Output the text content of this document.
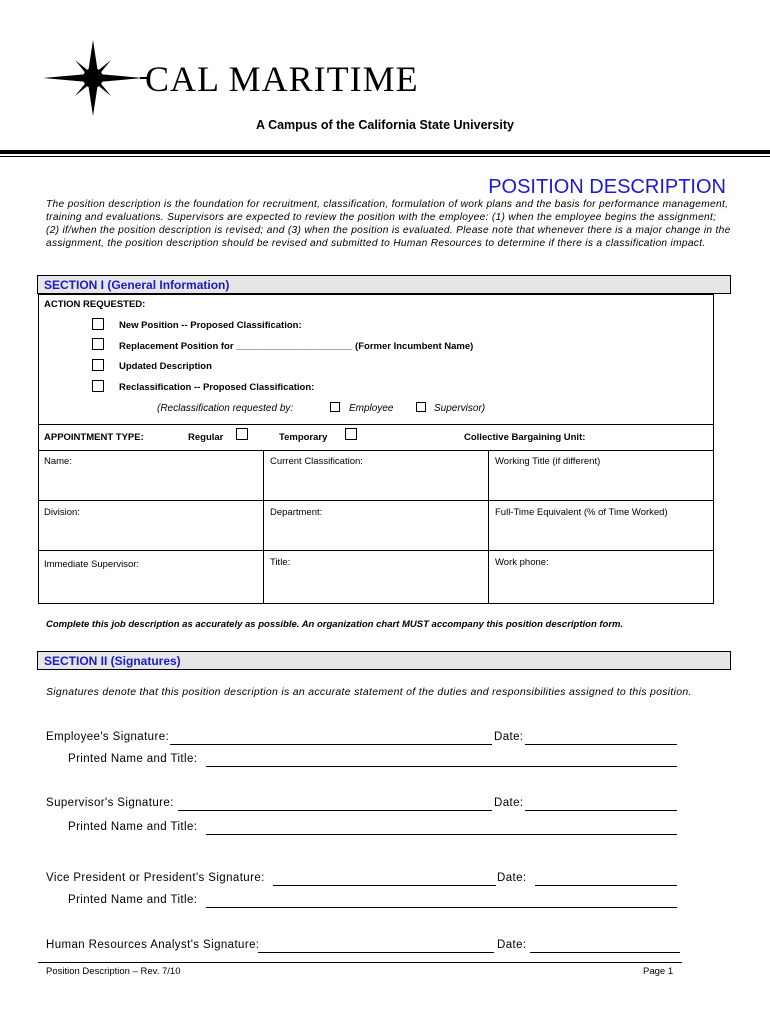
CAL MARITIME
A Campus of the California State University
POSITION DESCRIPTION
The position description is the foundation for recruitment, classification, formulation of work plans and the basis for performance management, training and evaluations. Supervisors are expected to review the position with the employee: (1) when the employee begins the assignment; (2) if/when the position description is revised; and (3) when the position is evaluated. Please note that whenever there is a major change in the assignment, the position description should be revised and submitted to Human Resources to determine if there is a classification impact.
SECTION I (General Information)
ACTION REQUESTED:
New Position -- Proposed Classification:
Replacement Position for ______________________ (Former Incumbent Name)
Updated Description
Reclassification -- Proposed Classification:
(Reclassification requested by:	Employee	Supervisor)
APPOINTMENT TYPE:	Regular	Temporary	Collective Bargaining Unit:
Name:	Current Classification:	Working Title (if different)
Division:	Department:	Full-Time Equivalent (% of Time Worked)
Immediate Supervisor:	Title:	Work phone:
Complete this job description as accurately as possible. An organization chart MUST accompany this position description form.
SECTION II (Signatures)
Signatures denote that this position description is an accurate statement of the duties and responsibilities assigned to this position.
Employee's Signature:	Date:
Printed Name and Title:
Supervisor's Signature:	Date:
Printed Name and Title:
Vice President or President's Signature:	Date:
Printed Name and Title:
Human Resources Analyst's Signature:	Date:
Position Description – Rev. 7/10	Page 1
